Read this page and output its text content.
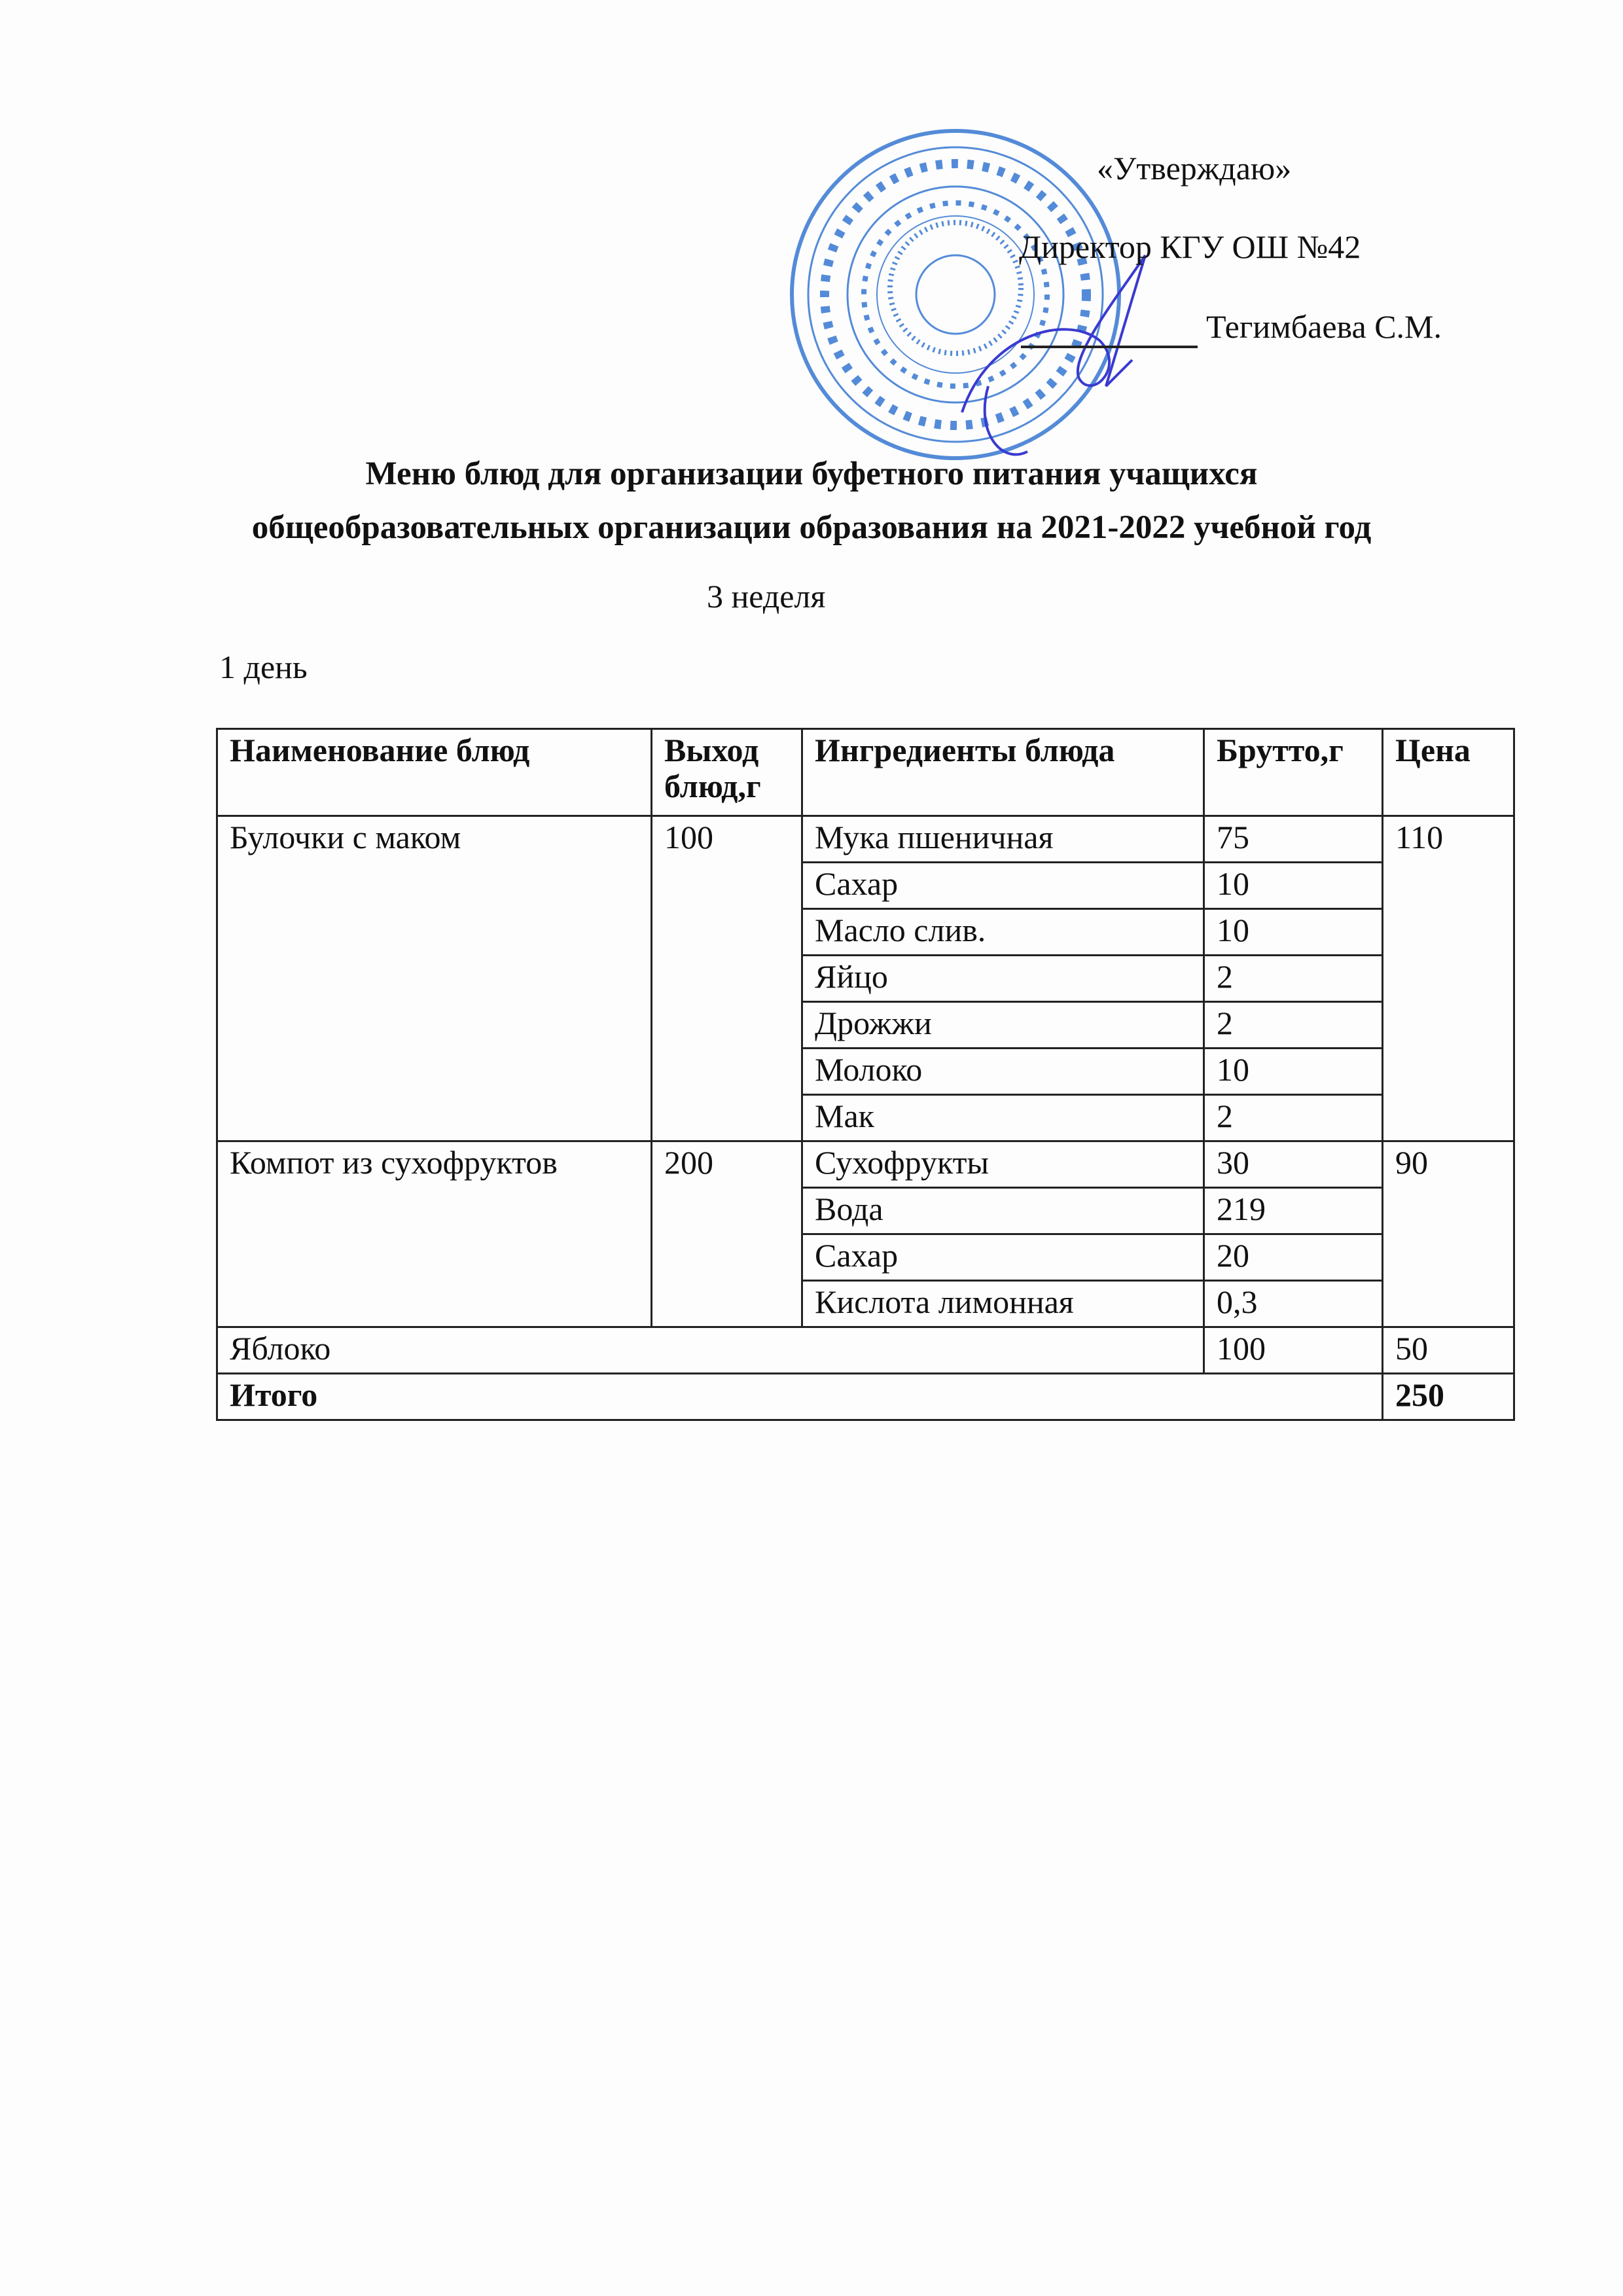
«Утверждаю»
Директор КГУ ОШ №42
Тегимбаева С.М.
Меню блюд для организации буфетного питания учащихся
общеобразовательных организации образования на 2021-2022 учебной год
3 неделя
1 день
Наименование блюд	Выход блюд,г	Ингредиенты блюда	Брутто,г	Цена
Булочки с маком	100	Мука пшеничная	75	110
		Сахар	10	
		Масло слив.	10	
		Яйцо	2	
		Дрожжи	2	
		Молоко	10	
		Мак	2	
Компот из сухофруктов	200	Сухофрукты	30	90
		Вода	219	
		Сахар	20	
		Кислота лимонная	0,3	
Яблоко			100	50
Итого				250
